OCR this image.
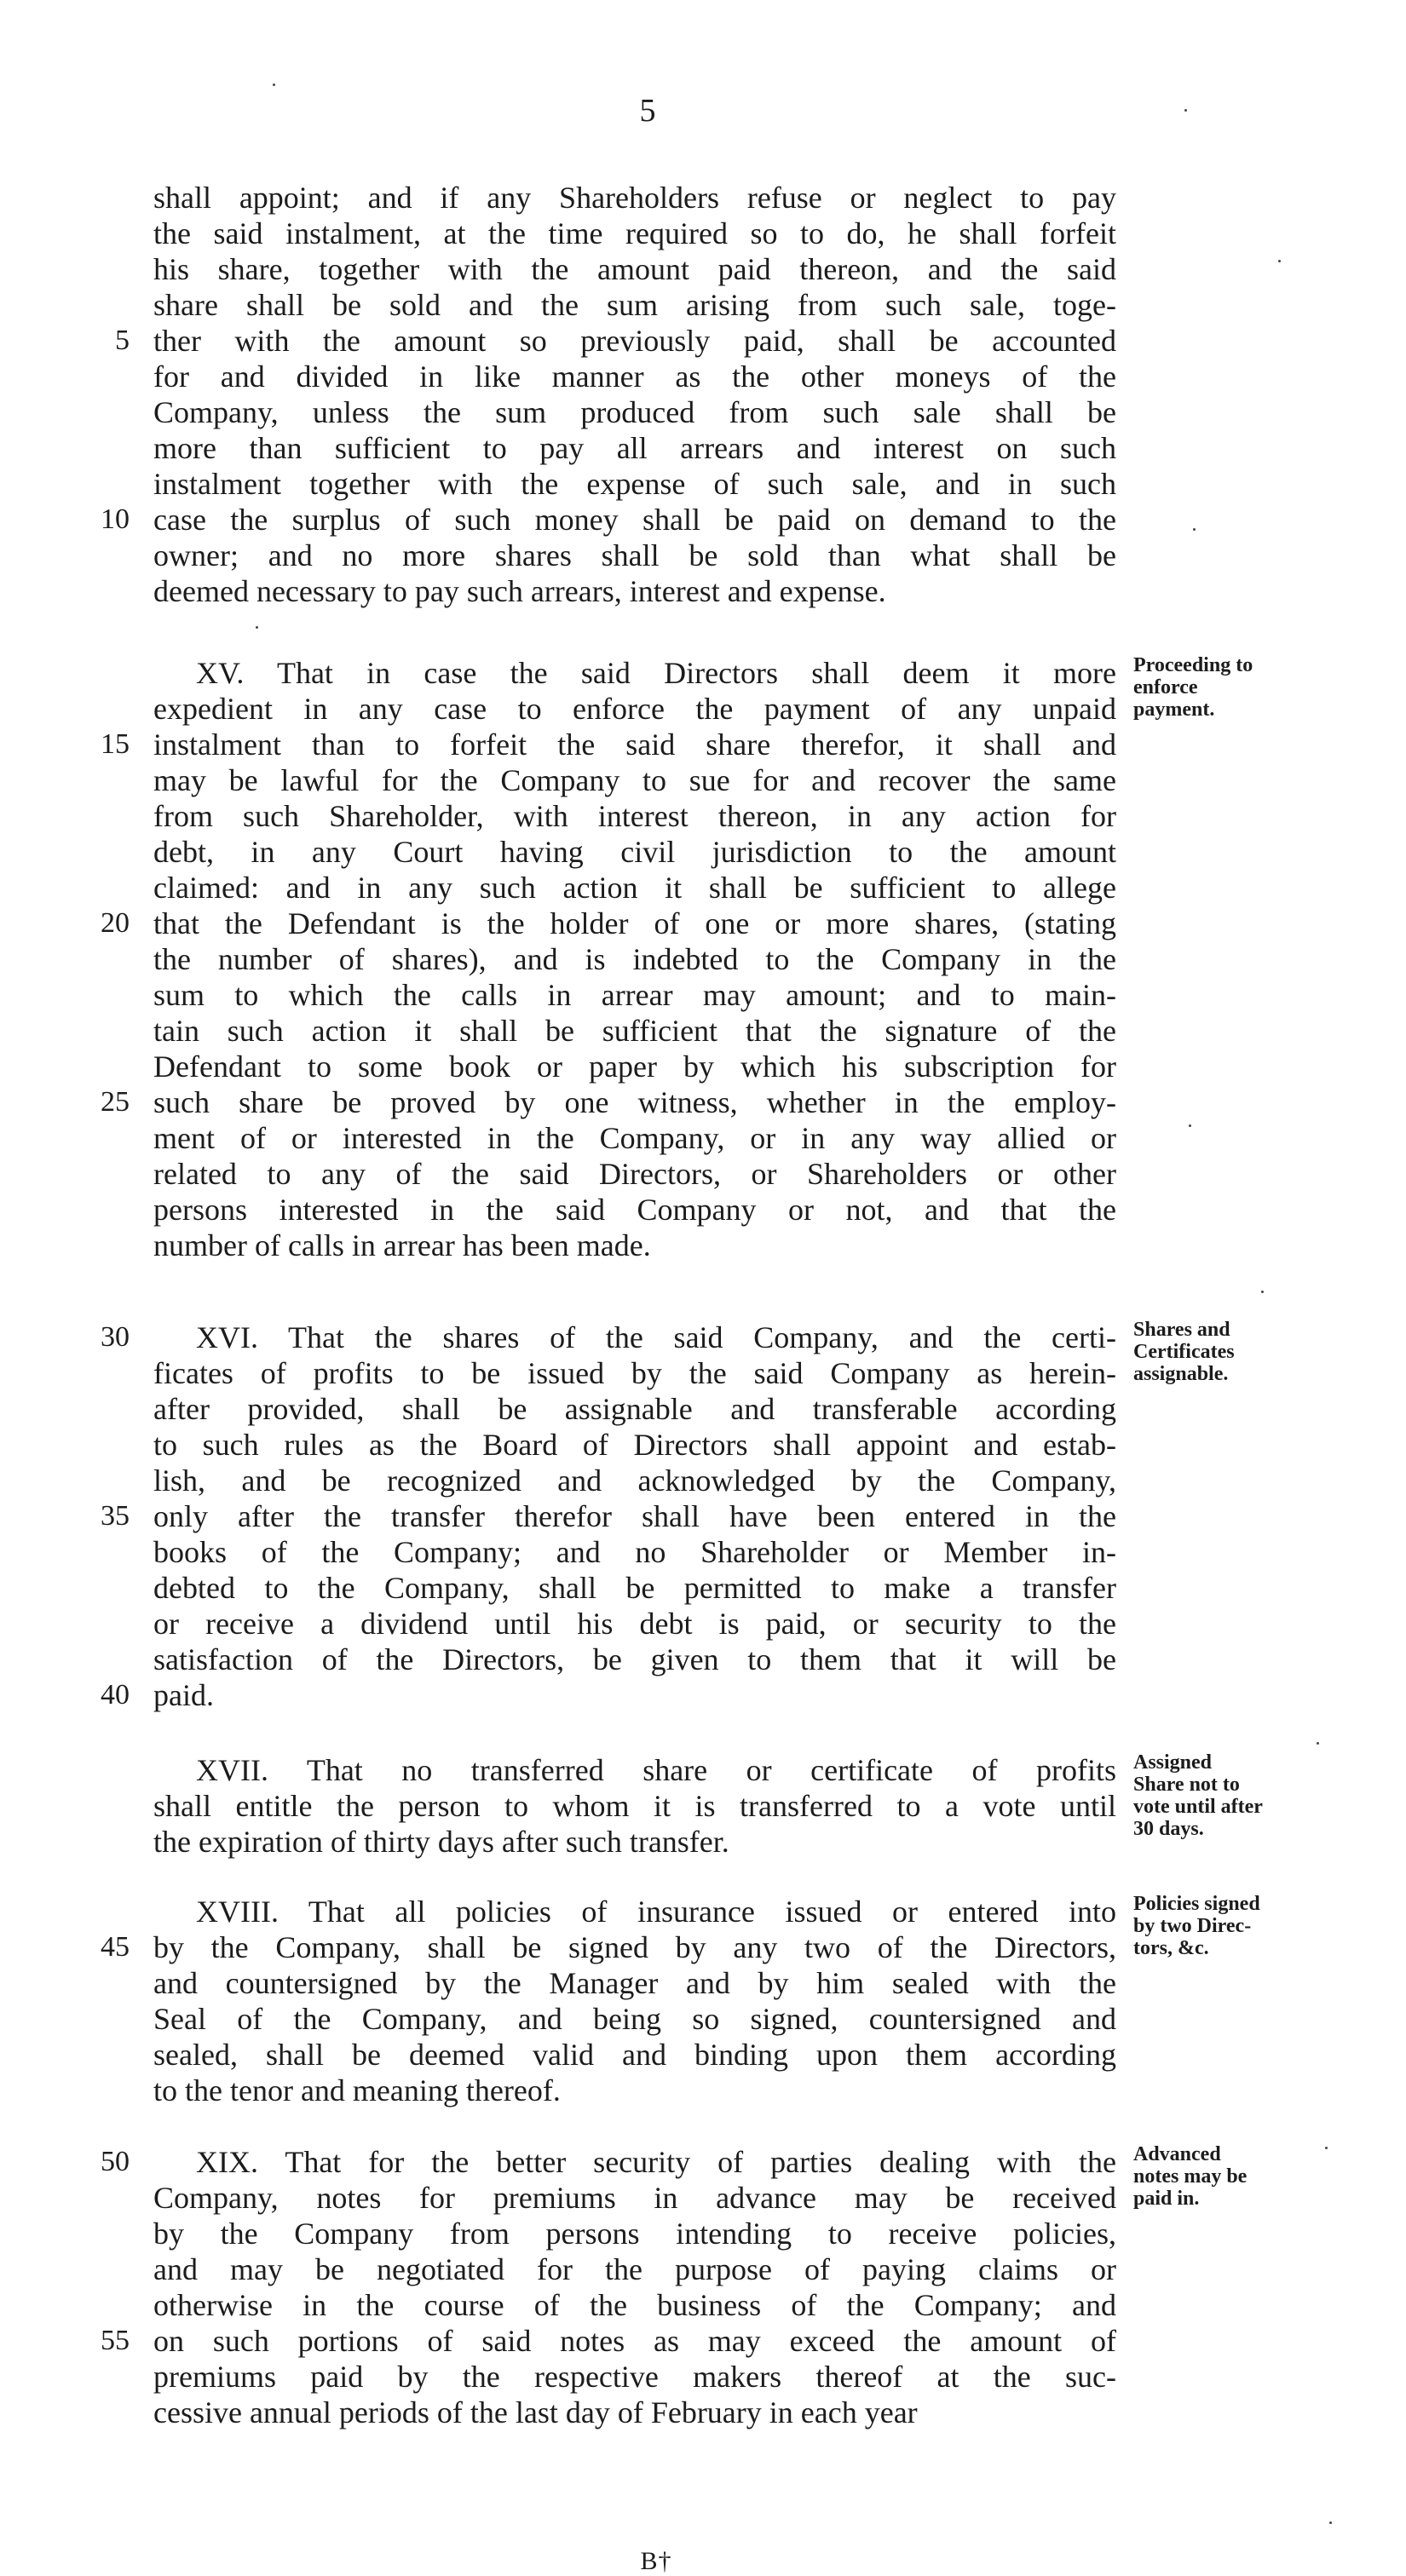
5
shall appoint; and if any Shareholders refuse or neglect to pay
the said instalment, at the time required so to do, he shall forfeit
his share, together with the amount paid thereon, and the said
share shall be sold and the sum arising from such sale, toge-
ther with the amount so previously paid, shall be accounted
5
for and divided in like manner as the other moneys of the
Company, unless the sum produced from such sale shall be
more than sufficient to pay all arrears and interest on such
instalment together with the expense of such sale, and in such
case the surplus of such money shall be paid on demand to the
10
owner; and no more shares shall be sold than what shall be
deemed necessary to pay such arrears, interest and expense.
XV. That in case the said Directors shall deem it more
expedient in any case to enforce the payment of any unpaid
instalment than to forfeit the said share therefor, it shall and
15
may be lawful for the Company to sue for and recover the same
from such Shareholder, with interest thereon, in any action for
debt, in any Court having civil jurisdiction to the amount
claimed: and in any such action it shall be sufficient to allege
that the Defendant is the holder of one or more shares, (stating
20
the number of shares), and is indebted to the Company in the
sum to which the calls in arrear may amount; and to main-
tain such action it shall be sufficient that the signature of the
Defendant to some book or paper by which his subscription for
such share be proved by one witness, whether in the employ-
25
ment of or interested in the Company, or in any way allied or
related to any of the said Directors, or Shareholders or other
persons interested in the said Company or not, and that the
number of calls in arrear has been made.
XVI. That the shares of the said Company, and the certi-
30
ficates of profits to be issued by the said Company as herein-
after provided, shall be assignable and transferable according
to such rules as the Board of Directors shall appoint and estab-
lish, and be recognized and acknowledged by the Company,
only after the transfer therefor shall have been entered in the
35
books of the Company; and no Shareholder or Member in-
debted to the Company, shall be permitted to make a transfer
or receive a dividend until his debt is paid, or security to the
satisfaction of the Directors, be given to them that it will be
paid.
40
XVII. That no transferred share or certificate of profits
shall entitle the person to whom it is transferred to a vote until
the expiration of thirty days after such transfer.
XVIII. That all policies of insurance issued or entered into
by the Company, shall be signed by any two of the Directors,
45
and countersigned by the Manager and by him sealed with the
Seal of the Company, and being so signed, countersigned and
sealed, shall be deemed valid and binding upon them according
to the tenor and meaning thereof.
XIX. That for the better security of parties dealing with the
50
Company, notes for premiums in advance may be received
by the Company from persons intending to receive policies,
and may be negotiated for the purpose of paying claims or
otherwise in the course of the business of the Company; and
on such portions of said notes as may exceed the amount of
55
premiums paid by the respective makers thereof at the suc-
cessive annual periods of the last day of February in each year
Proceeding to
enforce
payment.
Shares and
Certificates
assignable.
Assigned
Share not to
vote until after
30 days.
Policies signed
by two Direc-
tors, &c.
Advanced
notes may be
paid in.
B†
